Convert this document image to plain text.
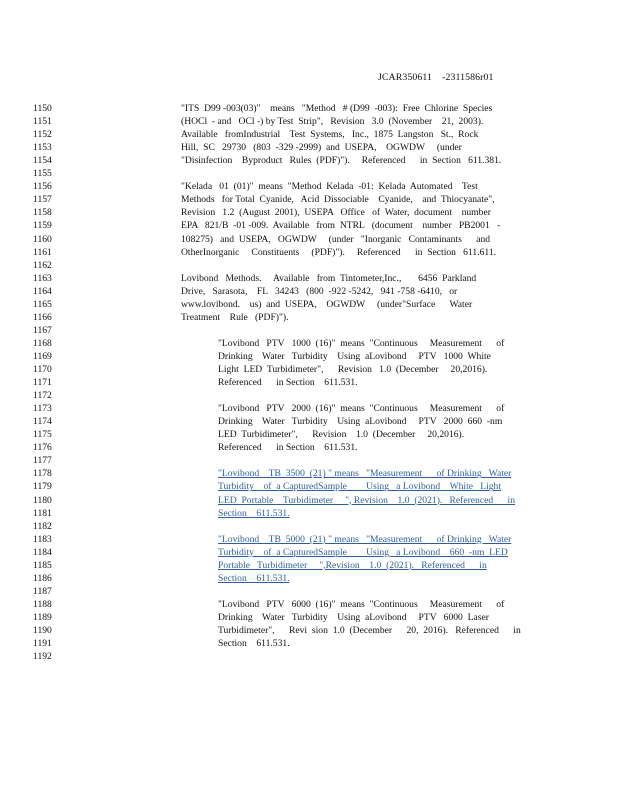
JCAR350611    -2311586r01
1150	"ITS  D99 -003(03)"    means   "Method   # (D99  -003):  Free  Chlorine  Species
1151	(HOCl  - and   OCl -) by Test  Strip",   Revision   3.0  (November    21,  2003).
1152	Available   fromIndustrial    Test  Systems,   Inc.,  1875  Langston   St.,  Rock
1153	Hill,  SC   29730   (803  -329 -2999)  and  USEPA,    OGWDW     (under
1154	"Disinfection    Byproduct   Rules  (PDF)").     Referenced      in  Section   611.381.
1155
1156	"Kelada   01  (01)"  means  "Method  Kelada  -01:  Kelada  Automated    Test
1157	Methods   for Total  Cyanide,   Acid  Dissociable    Cyanide,    and  Thiocyanate",
1158	Revision   1.2  (August  2001),  USEPA   Office   of  Water,  document    number
1159	EPA   821/B  -01 -009.  Available   from  NTRL   (document    number   PB2001   -
1160	108275)   and  USEPA,   OGWDW     (under   "Inorganic   Contaminants      and
1161	OtherInorganic     Constituents     (PDF)").     Referenced      in  Section   611.611.
1162
1163	Lovibond   Methods.     Available   from  Tintometer,Inc.,       6456  Parkland
1164	Drive,   Sarasota,    FL   34243   (800  -922 -5242,   941 -758 -6410,   or
1165	www.lovibond.    us)  and  USEPA,    OGWDW     (under"Surface      Water
1166	Treatment    Rule   (PDF)").
1167
1168	"Lovibond   PTV   1000  (16)"  means  "Continuous     Measurement      of
1169	Drinking    Water   Turbidity    Using  aLovibond     PTV   1000  White
1170	Light  LED  Turbidimeter",      Revision   1.0  (December     20,2016).
1171	Referenced      in Section    611.531.
1172
1173	"Lovibond   PTV   2000  (16)"  means  "Continuous     Measurement      of
1174	Drinking    Water   Turbidity    Using  aLovibond     PTV   2000  660  -nm
1175	LED  Turbidimeter",      Revision    1.0  (December     20,2016).
1176	Referenced      in Section    611.531.
1177
1178	"Lovibond    TB  3500  (21) " means   "Measurement      of Drinking   Water
1179	Turbidity    of  a CapturedSample        Using   a Lovibond    White   Light
1180	LED  Portable    Turbidimeter     ", Revision    1.0  (2021).   Referenced      in
1181	Section    611.531.
1182
1183	"Lovibond    TB  5000  (21) " means   "Measurement      of Drinking   Water
1184	Turbidity    of  a CapturedSample        Using   a Lovibond    660  -nm  LED
1185	Portable   Turbidimeter     ",Revision    1.0  (2021).   Referenced      in
1186	Section    611.531.
1187
1188	"Lovibond   PTV   6000  (16)"  means  "Continuous     Measurement      of
1189	Drinking    Water   Turbidity    Using  aLovibond     PTV   6000  Laser
1190	Turbidimeter",      Revi  sion  1.0  (December      20,  2016).   Referenced      in
1191	Section    611.531.
1192
